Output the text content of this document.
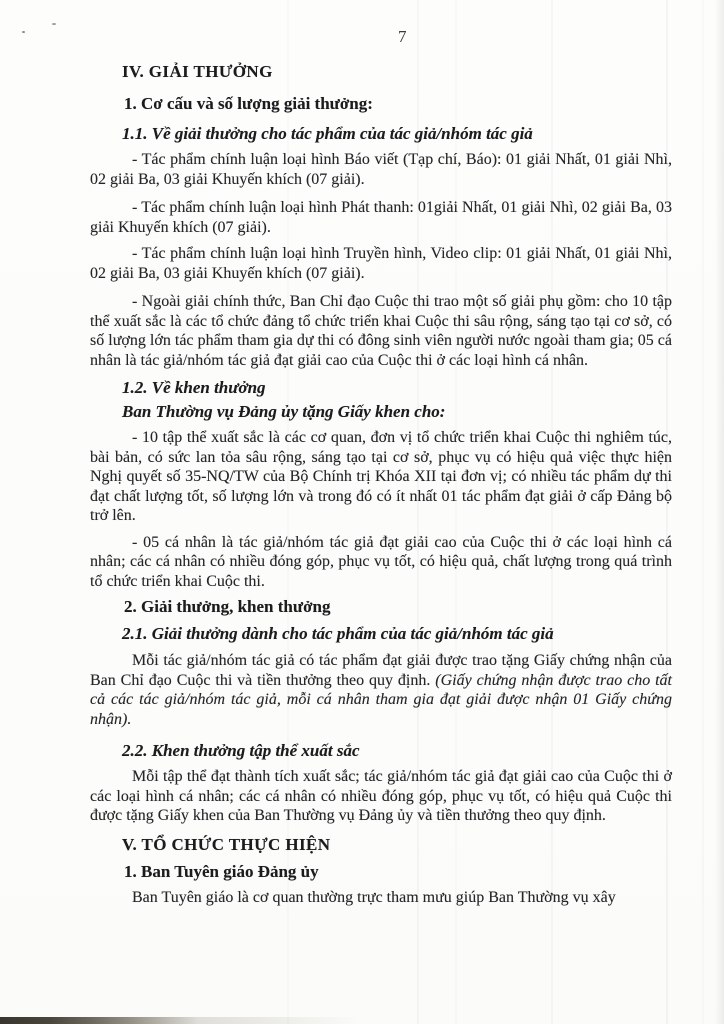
7
IV. GIẢI THƯỞNG
1. Cơ cấu và số lượng giải thưởng:
1.1. Về giải thưởng cho tác phẩm của tác giả/nhóm tác giả

- Tác phẩm chính luận loại hình Báo viết (Tạp chí, Báo): 01 giải Nhất, 01 giải Nhì, 02 giải Ba, 03 giải Khuyến khích (07 giải).

- Tác phẩm chính luận loại hình Phát thanh: 01giải Nhất, 01 giải Nhì, 02 giải Ba, 03 giải Khuyến khích (07 giải).

- Tác phẩm chính luận loại hình Truyền hình, Video clip: 01 giải Nhất, 01 giải Nhì, 02 giải Ba, 03 giải Khuyến khích (07 giải).

- Ngoài giải chính thức, Ban Chỉ đạo Cuộc thi trao một số giải phụ gồm: cho 10 tập thể xuất sắc là các tổ chức đảng tổ chức triển khai Cuộc thi sâu rộng, sáng tạo tại cơ sở, có số lượng lớn tác phẩm tham gia dự thi có đông sinh viên người nước ngoài tham gia; 05 cá nhân là tác giả/nhóm tác giả đạt giải cao của Cuộc thi ở các loại hình cá nhân.

1.2. Về khen thưởng
Ban Thường vụ Đảng ủy tặng Giấy khen cho:

- 10 tập thể xuất sắc là các cơ quan, đơn vị tổ chức triển khai Cuộc thi nghiêm túc, bài bản, có sức lan tỏa sâu rộng, sáng tạo tại cơ sở, phục vụ có hiệu quả việc thực hiện Nghị quyết số 35-NQ/TW của Bộ Chính trị Khóa XII tại đơn vị; có nhiều tác phẩm dự thi đạt chất lượng tốt, số lượng lớn và trong đó có ít nhất 01 tác phẩm đạt giải ở cấp Đảng bộ trở lên.

- 05 cá nhân là tác giả/nhóm tác giả đạt giải cao của Cuộc thi ở các loại hình cá nhân; các cá nhân có nhiều đóng góp, phục vụ tốt, có hiệu quả, chất lượng trong quá trình tổ chức triển khai Cuộc thi.

2. Giải thưởng, khen thưởng
2.1. Giải thưởng dành cho tác phẩm của tác giả/nhóm tác giả

Mỗi tác giả/nhóm tác giả có tác phẩm đạt giải được trao tặng Giấy chứng nhận của Ban Chỉ đạo Cuộc thi và tiền thưởng theo quy định. (Giấy chứng nhận được trao cho tất cả các tác giả/nhóm tác giả, mỗi cá nhân tham gia đạt giải được nhận 01 Giấy chứng nhận).

2.2. Khen thưởng tập thể xuất sắc

Mỗi tập thể đạt thành tích xuất sắc; tác giả/nhóm tác giả đạt giải cao của Cuộc thi ở các loại hình cá nhân; các cá nhân có nhiều đóng góp, phục vụ tốt, có hiệu quả Cuộc thi được tặng Giấy khen của Ban Thường vụ Đảng ủy và tiền thưởng theo quy định.

V. TỔ CHỨC THỰC HIỆN
1. Ban Tuyên giáo Đảng ủy

Ban Tuyên giáo là cơ quan thường trực tham mưu giúp Ban Thường vụ xây
